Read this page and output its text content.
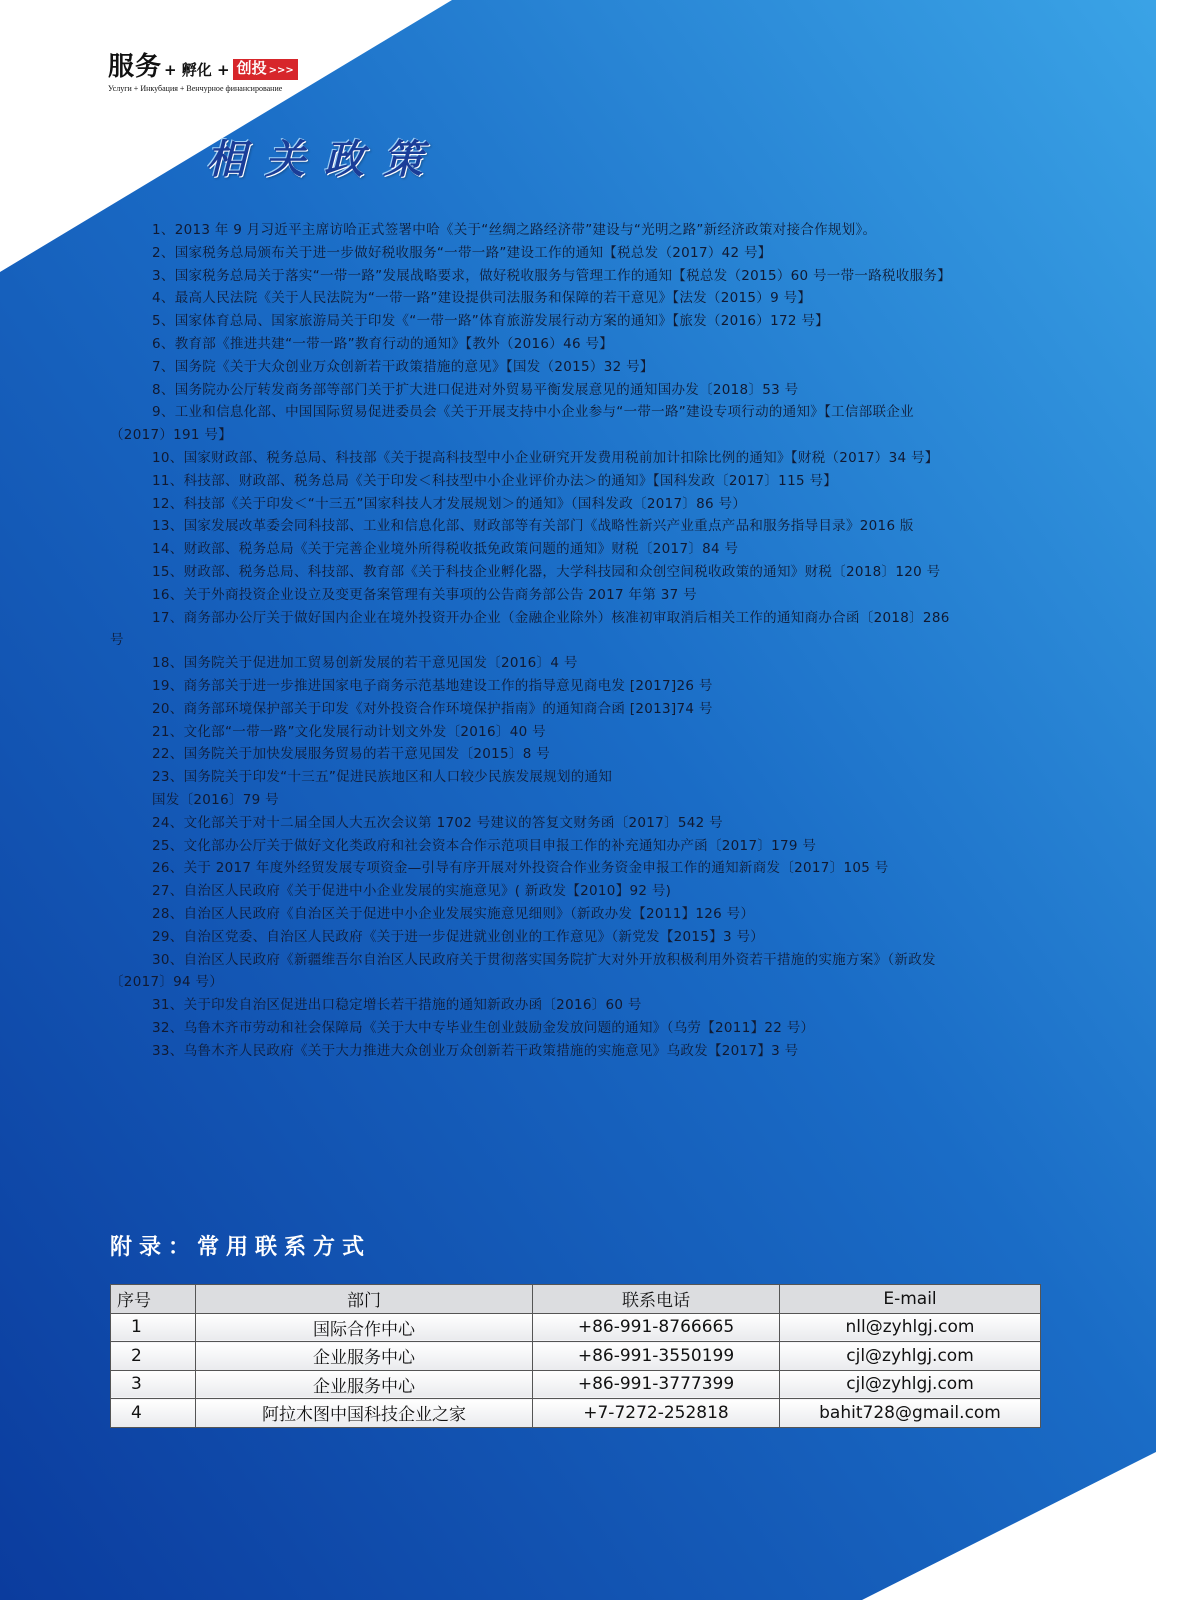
服务 + 孵化 + 创投 >>>
Услуги + Инкубация + Венчурное финансирование
相关政策

1、2013 年 9 月习近平主席访哈正式签署中哈《关于“丝绸之路经济带”建设与“光明之路”新经济政策对接合作规划》。

2、国家税务总局颁布关于进一步做好税收服务“一带一路”建设工作的通知【税总发（2017）42 号】

3、国家税务总局关于落实“一带一路”发展战略要求，做好税收服务与管理工作的通知【税总发（2015）60 号一带一路税收服务】

4、最高人民法院《关于人民法院为“一带一路”建设提供司法服务和保障的若干意见》【法发（2015）9 号】

5、国家体育总局、国家旅游局关于印发《“一带一路”体育旅游发展行动方案的通知》【旅发（2016）172 号】

6、教育部《推进共建“一带一路”教育行动的通知》【教外（2016）46 号】

7、国务院《关于大众创业万众创新若干政策措施的意见》【国发（2015）32 号】

8、国务院办公厅转发商务部等部门关于扩大进口促进对外贸易平衡发展意见的通知国办发〔2018〕53 号

9、工业和信息化部、中国国际贸易促进委员会《关于开展支持中小企业参与“一带一路”建设专项行动的通知》【工信部联企业（2017）191 号】

10、国家财政部、税务总局、科技部《关于提高科技型中小企业研究开发费用税前加计扣除比例的通知》【财税（2017）34 号】

11、科技部、财政部、税务总局《关于印发＜科技型中小企业评价办法＞的通知》【国科发政〔2017〕115 号】

12、科技部《关于印发＜“十三五”国家科技人才发展规划＞的通知》（国科发政〔2017〕86 号）

13、国家发展改革委会同科技部、工业和信息化部、财政部等有关部门《战略性新兴产业重点产品和服务指导目录》2016 版

14、财政部、税务总局《关于完善企业境外所得税收抵免政策问题的通知》财税〔2017〕84 号

15、财政部、税务总局、科技部、教育部《关于科技企业孵化器，大学科技园和众创空间税收政策的通知》财税〔2018〕120 号

16、关于外商投资企业设立及变更备案管理有关事项的公告商务部公告 2017 年第 37 号

17、商务部办公厅关于做好国内企业在境外投资开办企业（金融企业除外）核准初审取消后相关工作的通知商办合函〔2018〕286 号

18、国务院关于促进加工贸易创新发展的若干意见国发〔2016〕4 号

19、商务部关于进一步推进国家电子商务示范基地建设工作的指导意见商电发 [2017]26 号

20、商务部环境保护部关于印发《对外投资合作环境保护指南》的通知商合函 [2013]74 号

21、文化部“一带一路”文化发展行动计划文外发〔2016〕40 号

22、国务院关于加快发展服务贸易的若干意见国发〔2015〕8 号

23、国务院关于印发“十三五”促进民族地区和人口较少民族发展规划的通知

国发〔2016〕79 号

24、文化部关于对十二届全国人大五次会议第 1702 号建议的答复文财务函〔2017〕542 号

25、文化部办公厅关于做好文化类政府和社会资本合作示范项目申报工作的补充通知办产函〔2017〕179 号

26、关于 2017 年度外经贸发展专项资金—引导有序开展对外投资合作业务资金申报工作的通知新商发〔2017〕105 号

27、自治区人民政府《关于促进中小企业发展的实施意见》( 新政发【2010】92 号)

28、自治区人民政府《自治区关于促进中小企业发展实施意见细则》（新政办发【2011】126 号）

29、自治区党委、自治区人民政府《关于进一步促进就业创业的工作意见》（新党发【2015】3 号）

30、自治区人民政府《新疆维吾尔自治区人民政府关于贯彻落实国务院扩大对外开放积极利用外资若干措施的实施方案》（新政发〔2017〕94 号）

31、关于印发自治区促进出口稳定增长若干措施的通知新政办函〔2016〕60 号

32、乌鲁木齐市劳动和社会保障局《关于大中专毕业生创业鼓励金发放问题的通知》（乌劳【2011】22 号）

33、乌鲁木齐人民政府《关于大力推进大众创业万众创新若干政策措施的实施意见》乌政发【2017】3 号

附录：常用联系方式
序号	部门	联系电话	E-mail
1	国际合作中心	+86-991-8766665	nll@zyhlgj.com
2	企业服务中心	+86-991-3550199	cjl@zyhlgj.com
3	企业服务中心	+86-991-3777399	cjl@zyhlgj.com
4	阿拉木图中国科技企业之家	+7-7272-252818	bahit728@gmail.com
